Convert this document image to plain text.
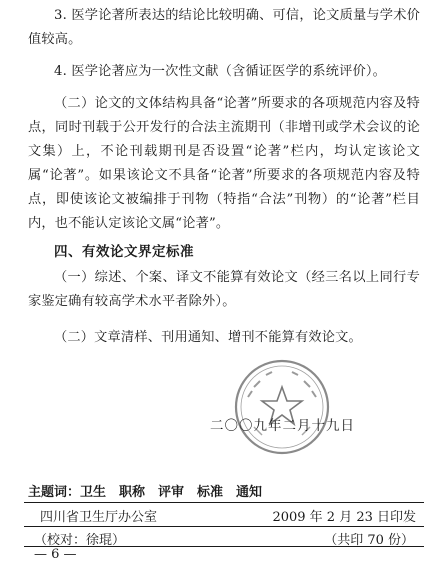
3. 医学论著所表达的结论比较明确、可信，论文质量与学术价值较高。
4. 医学论著应为一次性文献（含循证医学的系统评价）。
（二）论文的文体结构具备“论著”所要求的各项规范内容及特点，同时刊载于公开发行的合法主流期刊（非增刊或学术会议的论文集）上，不论刊载期刊是否设置“论著”栏内，均认定该论文属“论著”。如果该论文不具备“论著”所要求的各项规范内容及特点，即使该论文被编排于刊物（特指“合法”刊物）的“论著”栏目内，也不能认定该论文属“论著”。
四、有效论文界定标准
（一）综述、个案、译文不能算有效论文（经三名以上同行专家鉴定确有较高学术水平者除外）。
（二）文章清样、刊用通知、增刊不能算有效论文。
二〇〇九年二月十九日
主题词：卫生　职称　评审　标准　通知
四川省卫生厅办公室	2009 年 2 月 23 日印发
（校对：徐琨）	（共印 70 份）
— 6 —
